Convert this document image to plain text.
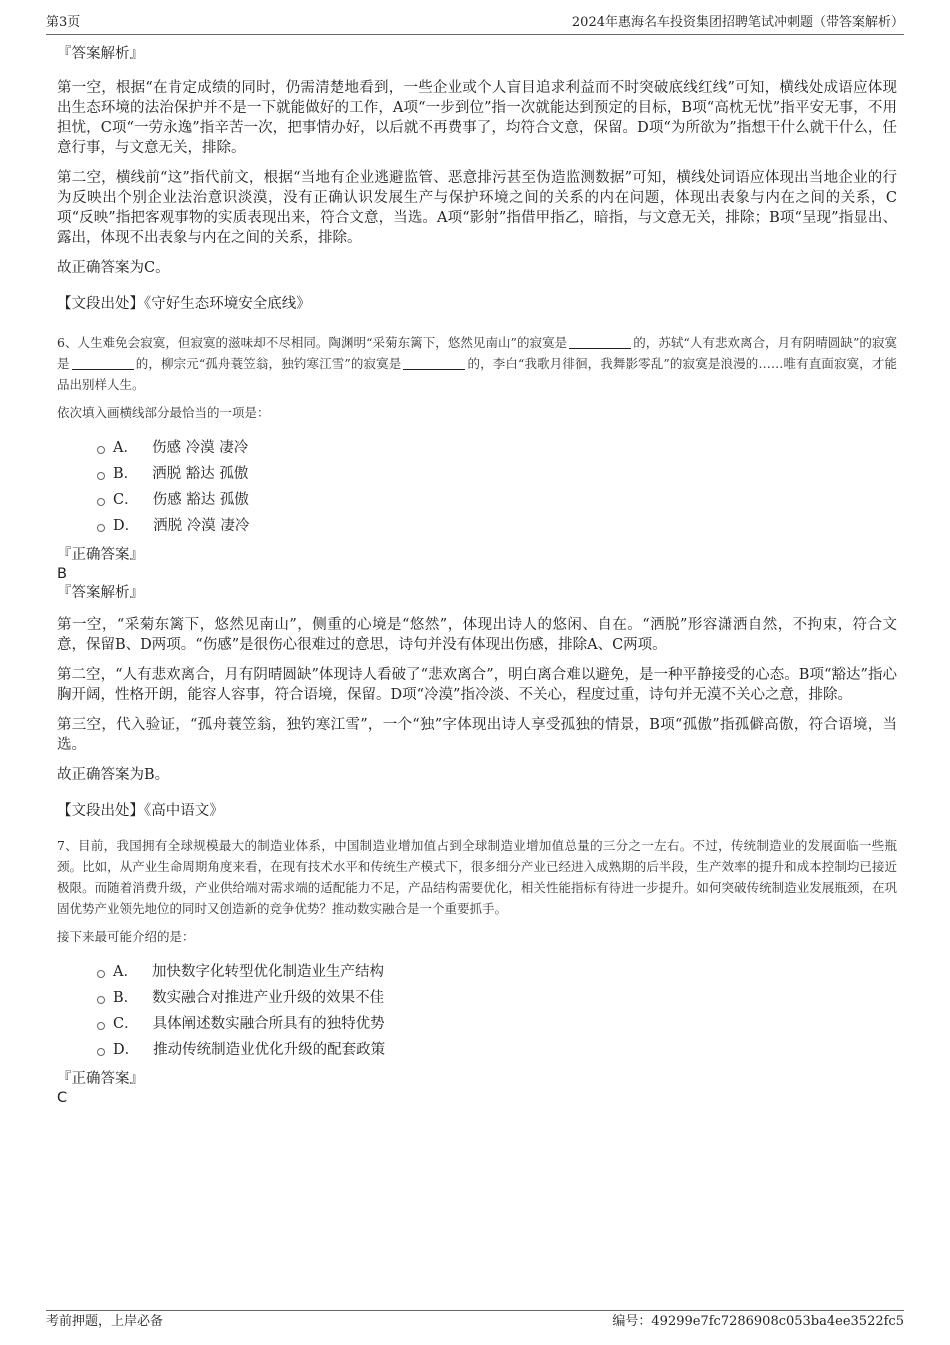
第3页	2024年惠海名车投资集团招聘笔试冲刺题（带答案解析）

『答案解析』

第一空，根据“在肯定成绩的同时，仍需清楚地看到，一些企业或个人盲目追求利益而不时突破底线红线”可知，横线处成语应体现出生态环境的法治保护并不是一下就能做好的工作，A项“一步到位”指一次就能达到预定的目标，B项“高枕无忧”指平安无事，不用担忧，C项“一劳永逸”指辛苦一次，把事情办好，以后就不再费事了，均符合文意，保留。D项“为所欲为”指想干什么就干什么，任意行事，与文意无关，排除。

第二空，横线前“这”指代前文，根据“当地有企业逃避监管、恶意排污甚至伪造监测数据”可知，横线处词语应体现出当地企业的行为反映出个别企业法治意识淡漠，没有正确认识发展生产与保护环境之间的关系的内在问题，体现出表象与内在之间的关系，C项“反映”指把客观事物的实质表现出来，符合文意，当选。A项“影射”指借甲指乙，暗指，与文意无关，排除；B项“呈现”指显出、露出，体现不出表象与内在之间的关系，排除。

故正确答案为C。

【文段出处】《守好生态环境安全底线》

6、人生难免会寂寞，但寂寞的滋味却不尽相同。陶渊明“采菊东篱下，悠然见南山”的寂寞是	的，苏轼“人有悲欢离合，月有阴晴圆缺”的寂寞是	的，柳宗元“孤舟蓑笠翁，独钓寒江雪”的寂寞是	的，李白“我歌月徘徊，我舞影零乱”的寂寞是浪漫的……唯有直面寂寞，才能品出别样人生。

依次填入画横线部分最恰当的一项是：

A． 伤感 冷漠 凄冷
B． 洒脱 豁达 孤傲
C． 伤感 豁达 孤傲
D． 洒脱 冷漠 凄冷

『正确答案』

B

『答案解析』

第一空，“采菊东篱下，悠然见南山”，侧重的心境是“悠然”，体现出诗人的悠闲、自在。“洒脱”形容潇洒自然，不拘束，符合文意，保留B、D两项。“伤感”是很伤心很难过的意思，诗句并没有体现出伤感，排除A、C两项。

第二空，“人有悲欢离合，月有阴晴圆缺”体现诗人看破了“悲欢离合”，明白离合难以避免，是一种平静接受的心态。B项“豁达”指心胸开阔，性格开朗，能容人容事，符合语境，保留。D项“冷漠”指冷淡、不关心，程度过重，诗句并无漠不关心之意，排除。

第三空，代入验证，“孤舟蓑笠翁，独钓寒江雪”，一个“独”字体现出诗人享受孤独的情景，B项“孤傲”指孤僻高傲，符合语境，当选。

故正确答案为B。

【文段出处】《高中语文》

7、目前，我国拥有全球规模最大的制造业体系，中国制造业增加值占到全球制造业增加值总量的三分之一左右。不过，传统制造业的发展面临一些瓶颈。比如，从产业生命周期角度来看，在现有技术水平和传统生产模式下，很多细分产业已经进入成熟期的后半段，生产效率的提升和成本控制均已接近极限。而随着消费升级，产业供给端对需求端的适配能力不足，产品结构需要优化，相关性能指标有待进一步提升。如何突破传统制造业发展瓶颈，在巩固优势产业领先地位的同时又创造新的竞争优势？推动数实融合是一个重要抓手。

接下来最可能介绍的是：

A． 加快数字化转型优化制造业生产结构
B． 数实融合对推进产业升级的效果不佳
C． 具体阐述数实融合所具有的独特优势
D． 推动传统制造业优化升级的配套政策

『正确答案』

C

考前押题，上岸必备	编号：49299e7fc7286908c053ba4ee3522fc5
